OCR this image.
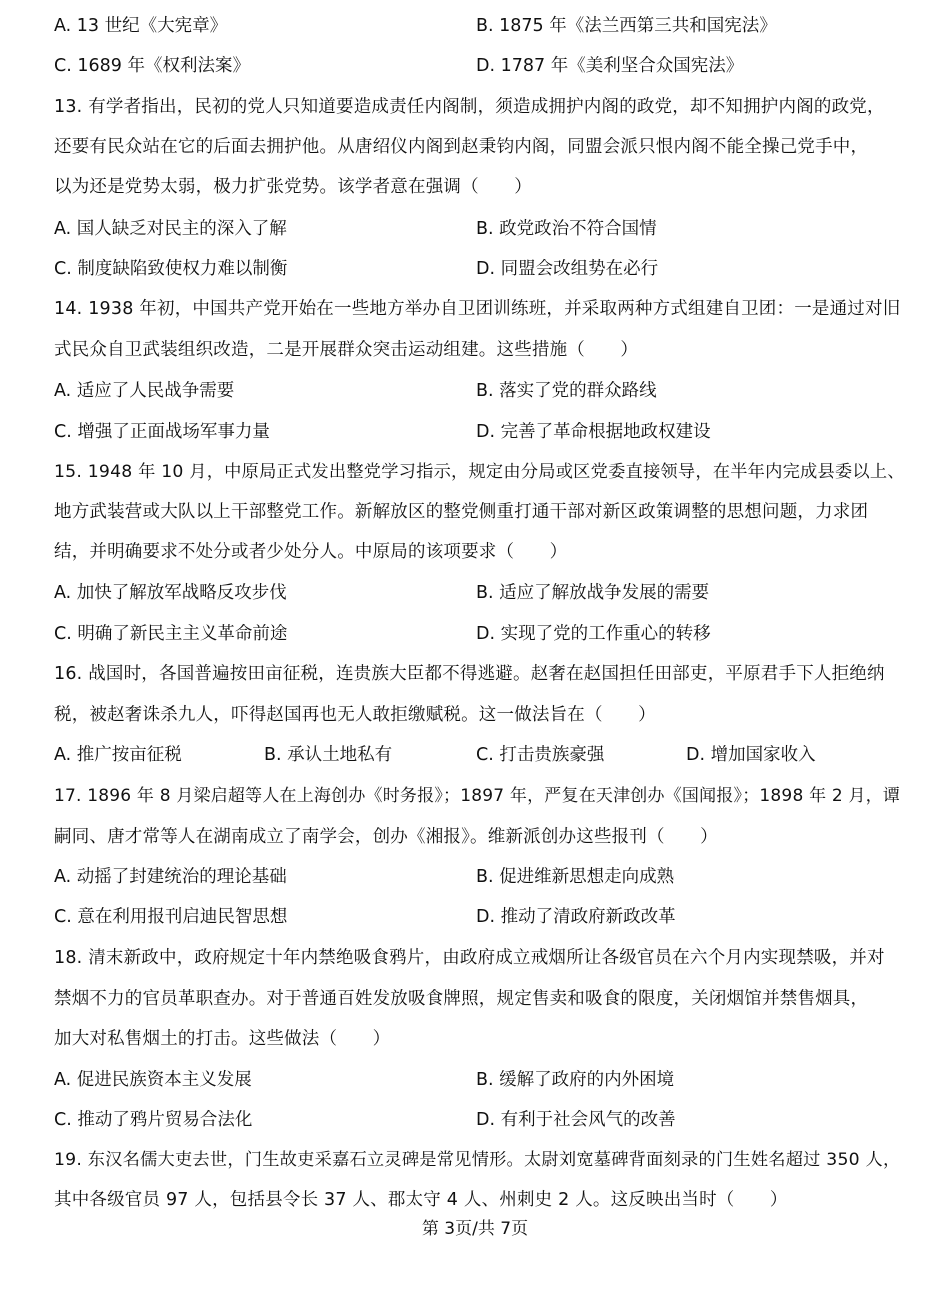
A. 13 世纪《大宪章》	B. 1875 年《法兰西第三共和国宪法》
C. 1689 年《权利法案》	D. 1787 年《美利坚合众国宪法》
13. 有学者指出，民初的党人只知道要造成责任内阁制，须造成拥护内阁的政党，却不知拥护内阁的政党，
还要有民众站在它的后面去拥护他。从唐绍仪内阁到赵秉钧内阁，同盟会派只恨内阁不能全操己党手中，
以为还是党势太弱，极力扩张党势。该学者意在强调（　　）
A. 国人缺乏对民主的深入了解	B. 政党政治不符合国情
C. 制度缺陷致使权力难以制衡	D. 同盟会改组势在必行
14. 1938 年初，中国共产党开始在一些地方举办自卫团训练班，并采取两种方式组建自卫团：一是通过对旧
式民众自卫武装组织改造，二是开展群众突击运动组建。这些措施（　　）
A. 适应了人民战争需要	B. 落实了党的群众路线
C. 增强了正面战场军事力量	D. 完善了革命根据地政权建设
15. 1948 年 10 月，中原局正式发出整党学习指示，规定由分局或区党委直接领导，在半年内完成县委以上、
地方武装营或大队以上干部整党工作。新解放区的整党侧重打通干部对新区政策调整的思想问题，力求团
结，并明确要求不处分或者少处分人。中原局的该项要求（　　）
A. 加快了解放军战略反攻步伐	B. 适应了解放战争发展的需要
C. 明确了新民主主义革命前途	D. 实现了党的工作重心的转移
16. 战国时，各国普遍按田亩征税，连贵族大臣都不得逃避。赵奢在赵国担任田部吏，平原君手下人拒绝纳
税，被赵奢诛杀九人，吓得赵国再也无人敢拒缴赋税。这一做法旨在（　　）
A. 推广按亩征税	B. 承认土地私有	C. 打击贵族豪强	D. 增加国家收入
17. 1896 年 8 月梁启超等人在上海创办《时务报》；1897 年，严复在天津创办《国闻报》；1898 年 2 月，谭
嗣同、唐才常等人在湖南成立了南学会，创办《湘报》。维新派创办这些报刊（　　）
A. 动摇了封建统治的理论基础	B. 促进维新思想走向成熟
C. 意在利用报刊启迪民智思想	D. 推动了清政府新政改革
18. 清末新政中，政府规定十年内禁绝吸食鸦片，由政府成立戒烟所让各级官员在六个月内实现禁吸，并对
禁烟不力的官员革职查办。对于普通百姓发放吸食牌照，规定售卖和吸食的限度，关闭烟馆并禁售烟具，
加大对私售烟土的打击。这些做法（　　）
A. 促进民族资本主义发展	B. 缓解了政府的内外困境
C. 推动了鸦片贸易合法化	D. 有利于社会风气的改善
19. 东汉名儒大吏去世，门生故吏采嘉石立灵碑是常见情形。太尉刘宽墓碑背面刻录的门生姓名超过 350 人，
其中各级官员 97 人，包括县令长 37 人、郡太守 4 人、州刺史 2 人。这反映出当时（　　）
第 3页/共 7页
